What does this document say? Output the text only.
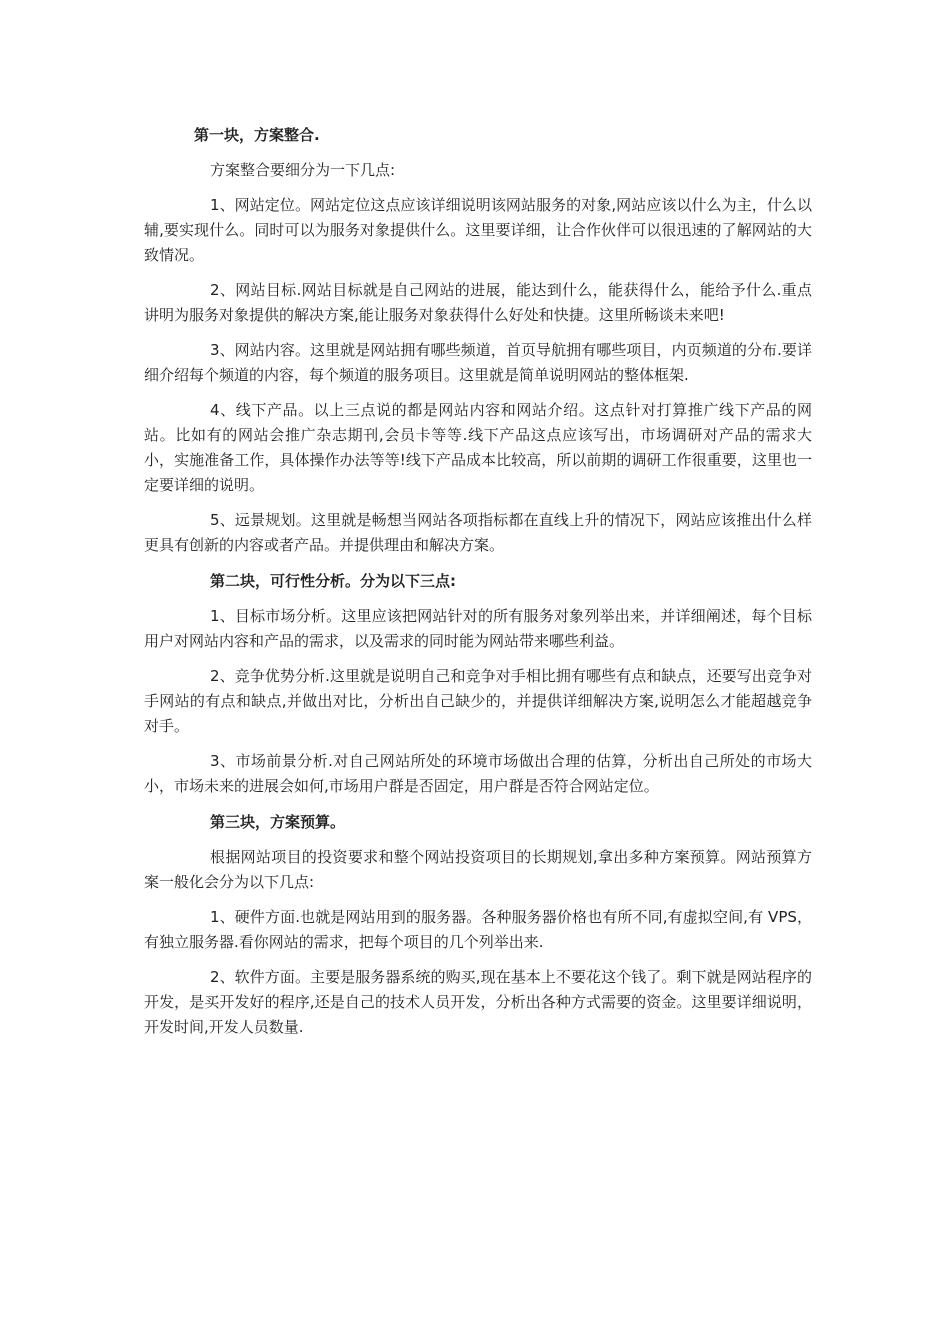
第一块，方案整合.

方案整合要细分为一下几点:

1、网站定位。网站定位这点应该详细说明该网站服务的对象,网站应该以什么为主，什么以辅,要实现什么。同时可以为服务对象提供什么。这里要详细，让合作伙伴可以很迅速的了解网站的大致情况。

2、网站目标.网站目标就是自己网站的进展，能达到什么，能获得什么，能给予什么.重点讲明为服务对象提供的解决方案,能让服务对象获得什么好处和快捷。这里所畅谈未来吧!

3、网站内容。这里就是网站拥有哪些频道，首页导航拥有哪些项目，内页频道的分布.要详细介绍每个频道的内容，每个频道的服务项目。这里就是简单说明网站的整体框架.

4、线下产品。以上三点说的都是网站内容和网站介绍。这点针对打算推广线下产品的网站。比如有的网站会推广杂志期刊,会员卡等等.线下产品这点应该写出，市场调研对产品的需求大小，实施准备工作，具体操作办法等等!线下产品成本比较高，所以前期的调研工作很重要，这里也一定要详细的说明。

5、远景规划。这里就是畅想当网站各项指标都在直线上升的情况下，网站应该推出什么样更具有创新的内容或者产品。并提供理由和解决方案。

第二块，可行性分析。分为以下三点:

1、目标市场分析。这里应该把网站针对的所有服务对象列举出来，并详细阐述，每个目标用户对网站内容和产品的需求，以及需求的同时能为网站带来哪些利益。

2、竞争优势分析.这里就是说明自己和竞争对手相比拥有哪些有点和缺点，还要写出竞争对手网站的有点和缺点,并做出对比，分析出自己缺少的，并提供详细解决方案,说明怎么才能超越竞争对手。

3、市场前景分析.对自己网站所处的环境市场做出合理的估算，分析出自己所处的市场大小，市场未来的进展会如何,市场用户群是否固定，用户群是否符合网站定位。

第三块，方案预算。

根据网站项目的投资要求和整个网站投资项目的长期规划,拿出多种方案预算。网站预算方案一般化会分为以下几点:

1、硬件方面.也就是网站用到的服务器。各种服务器价格也有所不同,有虚拟空间,有 VPS，有独立服务器.看你网站的需求，把每个项目的几个列举出来.

2、软件方面。主要是服务器系统的购买,现在基本上不要花这个钱了。剩下就是网站程序的开发，是买开发好的程序,还是自己的技术人员开发，分析出各种方式需要的资金。这里要详细说明，开发时间,开发人员数量.
